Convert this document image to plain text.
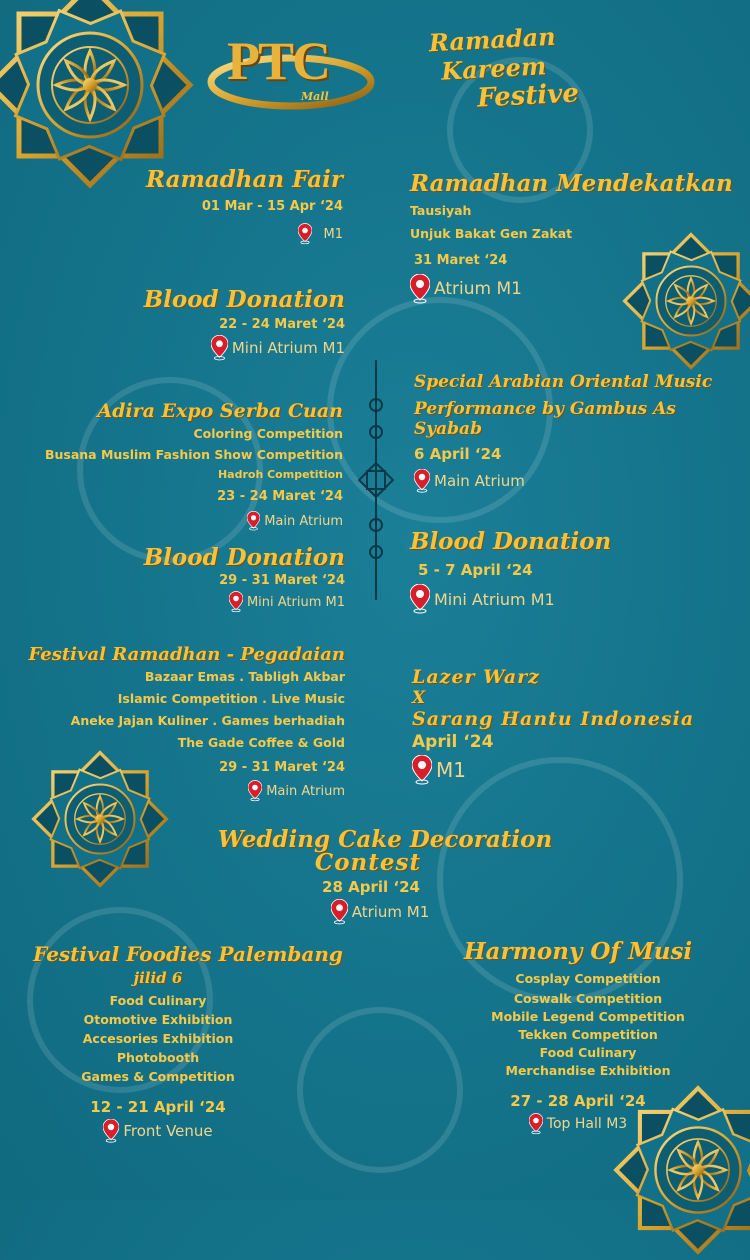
PTC
Mall
Ramadan Kareem
Festive
Ramadhan Fair
01 Mar - 15 Apr ‘24
M1
Ramadhan Mendekatkan
Tausiyah
Unjuk Bakat Gen Zakat
31 Maret ‘24
Atrium M1
Blood Donation
22 - 24 Maret ‘24
Mini Atrium M1
Special Arabian Oriental Music
Performance by Gambus As Syabab
6 April ‘24
Main Atrium
Adira Expo Serba Cuan
Coloring Competition
Busana Muslim Fashion Show Competition
Hadroh Competition
23 - 24 Maret ‘24
Main Atrium
Blood Donation
29 - 31 Maret ‘24
Mini Atrium M1
Blood Donation
5 - 7 April ‘24
Mini Atrium M1
Festival Ramadhan - Pegadaian
Bazaar Emas . Tabligh Akbar
Islamic Competition . Live Music
Aneke Jajan Kuliner . Games berhadiah
The Gade Coffee & Gold
29 - 31 Maret ‘24
Main Atrium
Lazer Warz
X
Sarang Hantu Indonesia
April ‘24
M1
Wedding Cake Decoration
Contest
28 April ‘24
Atrium M1
Festival Foodies Palembang
jilid 6
Food Culinary
Otomotive Exhibition
Accesories Exhibition
Photobooth
Games & Competition
12 - 21 April ‘24
Front Venue
Harmony Of Musi
Cosplay Competition
Coswalk Competition
Mobile Legend Competition
Tekken Competition
Food Culinary
Merchandise Exhibition
27 - 28 April ‘24
Top Hall M3
